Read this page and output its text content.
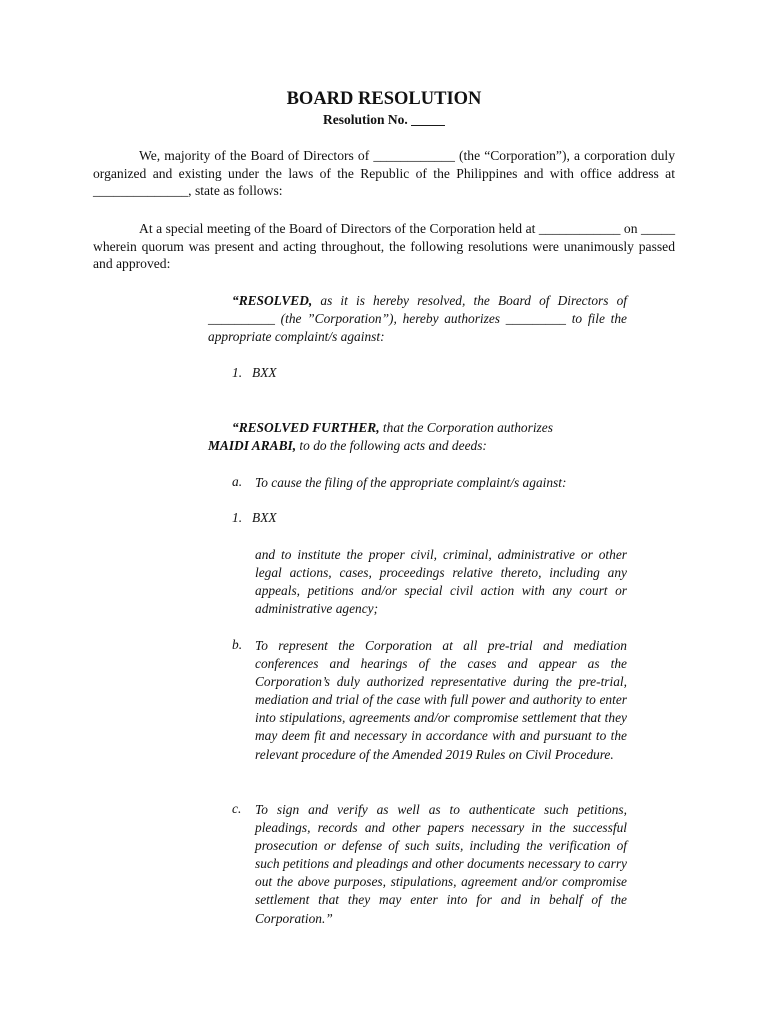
BOARD RESOLUTION
Resolution No. _____

We, majority of the Board of Directors of ____________ (the “Corporation”), a corporation duly organized and existing under the laws of the Republic of the Philippines and with office address at ______________, state as follows:

At a special meeting of the Board of Directors of the Corporation held at ____________ on _____ wherein quorum was present and acting throughout, the following resolutions were unanimously passed and approved:

“RESOLVED, as it is hereby resolved, the Board of Directors of __________ (the ”Corporation”), hereby authorizes _________ to file the appropriate complaint/s against:

1. BXX

“RESOLVED FURTHER, that the Corporation authorizes
MAIDI ARABI, to do the following acts and deeds:

a. To cause the filing of the appropriate complaint/s against:

1. BXX

and to institute the proper civil, criminal, administrative or other legal actions, cases, proceedings relative thereto, including any appeals, petitions and/or special civil action with any court or administrative agency;

b. To represent the Corporation at all pre-trial and mediation conferences and hearings of the cases and appear as the Corporation’s duly authorized representative during the pre-trial, mediation and trial of the case with full power and authority to enter into stipulations, agreements and/or compromise settlement that they may deem fit and necessary in accordance with and pursuant to the relevant procedure of the Amended 2019 Rules on Civil Procedure.

c. To sign and verify as well as to authenticate such petitions, pleadings, records and other papers necessary in the successful prosecution or defense of such suits, including the verification of such petitions and pleadings and other documents necessary to carry out the above purposes, stipulations, agreement and/or compromise settlement that they may enter into for and in behalf of the Corporation.”
